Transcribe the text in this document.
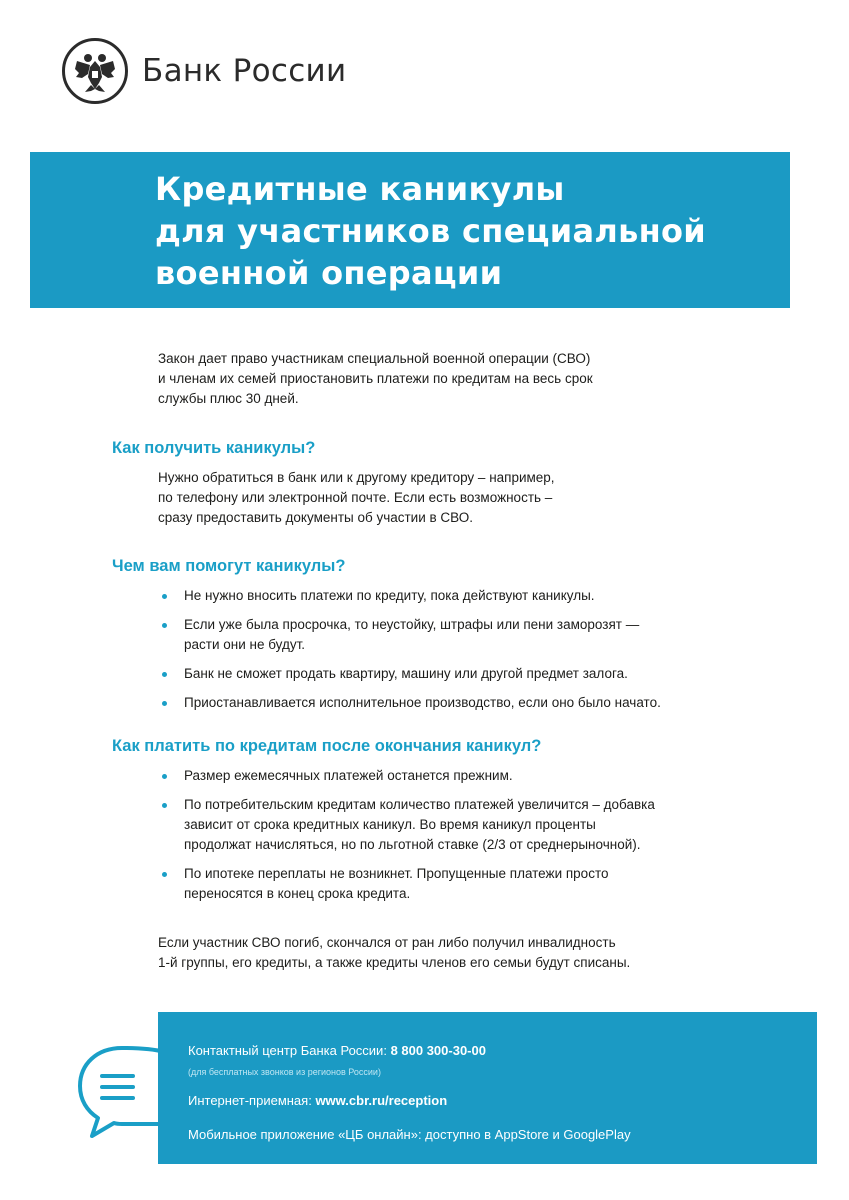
Банк России
Кредитные каникулы
для участников специальной
военной операции

Закон дает право участникам специальной военной операции (СВО)
и членам их семей приостановить платежи по кредитам на весь срок
службы плюс 30 дней.

Как получить каникулы?

Нужно обратиться в банк или к другому кредитору – например,
по телефону или электронной почте. Если есть возможность –
сразу предоставить документы об участии в СВО.

Чем вам помогут каникулы?
Не нужно вносить платежи по кредиту, пока действуют каникулы.
Если уже была просрочка, то неустойку, штрафы или пени заморозят —
расти они не будут.
Банк не сможет продать квартиру, машину или другой предмет залога.
Приостанавливается исполнительное производство, если оно было начато.
Как платить по кредитам после окончания каникул?
Размер ежемесячных платежей останется прежним.
По потребительским кредитам количество платежей увеличится – добавка
зависит от срока кредитных каникул. Во время каникул проценты
продолжат начисляться, но по льготной ставке (2/3 от среднерыночной).
По ипотеке переплаты не возникнет. Пропущенные платежи просто
переносятся в конец срока кредита.

Если участник СВО погиб, скончался от ран либо получил инвалидность
1-й группы, его кредиты, а также кредиты членов его семьи будут списаны.

Контактный центр Банка России: 8 800 300-30-00
(для бесплатных звонков из регионов России)
Интернет-приемная: www.cbr.ru/reception
Мобильное приложение «ЦБ онлайн»: доступно в AppStore и GooglePlay
